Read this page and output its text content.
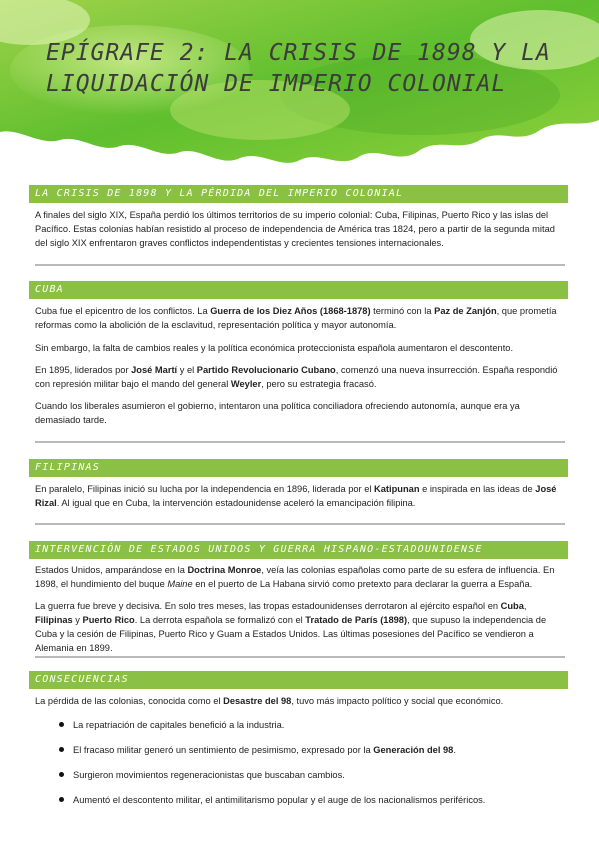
EPÍGRAFE 2: LA CRISIS DE 1898 Y LA LIQUIDACIÓN DE IMPERIO COLONIAL
LA CRISIS DE 1898 Y LA PÉRDIDA DEL IMPERIO COLONIAL
A finales del siglo XIX, España perdió los últimos territorios de su imperio colonial: Cuba, Filipinas, Puerto Rico y las islas del Pacífico. Estas colonias habían resistido al proceso de independencia de América tras 1824, pero a partir de la segunda mitad del siglo XIX enfrentaron graves conflictos independentistas y crecientes tensiones internacionales.
CUBA
Cuba fue el epicentro de los conflictos. La Guerra de los Diez Años (1868-1878) terminó con la Paz de Zanjón, que prometía reformas como la abolición de la esclavitud, representación política y mayor autonomía.
Sin embargo, la falta de cambios reales y la política económica proteccionista española aumentaron el descontento.
En 1895, liderados por José Martí y el Partido Revolucionario Cubano, comenzó una nueva insurrección. España respondió con represión militar bajo el mando del general Weyler, pero su estrategia fracasó.
Cuando los liberales asumieron el gobierno, intentaron una política conciliadora ofreciendo autonomía, aunque era ya demasiado tarde.
FILIPINAS
En paralelo, Filipinas inició su lucha por la independencia en 1896, liderada por el Katipunan e inspirada en las ideas de José Rizal. Al igual que en Cuba, la intervención estadounidense aceleró la emancipación filipina.
INTERVENCIÓN DE ESTADOS UNIDOS Y GUERRA HISPANO-ESTADOUNIDENSE
Estados Unidos, amparándose en la Doctrina Monroe, veía las colonias españolas como parte de su esfera de influencia. En 1898, el hundimiento del buque Maine en el puerto de La Habana sirvió como pretexto para declarar la guerra a España.
La guerra fue breve y decisiva. En solo tres meses, las tropas estadounidenses derrotaron al ejército español en Cuba, Filipinas y Puerto Rico. La derrota española se formalizó con el Tratado de París (1898), que supuso la independencia de Cuba y la cesión de Filipinas, Puerto Rico y Guam a Estados Unidos. Las últimas posesiones del Pacífico se vendieron a Alemania en 1899.
CONSECUENCIAS
La pérdida de las colonias, conocida como el Desastre del 98, tuvo más impacto político y social que económico.
La repatriación de capitales benefició a la industria.
El fracaso militar generó un sentimiento de pesimismo, expresado por la Generación del 98.
Surgieron movimientos regeneracionistas que buscaban cambios.
Aumentó el descontento militar, el antimilitarismo popular y el auge de los nacionalismos periféricos.
